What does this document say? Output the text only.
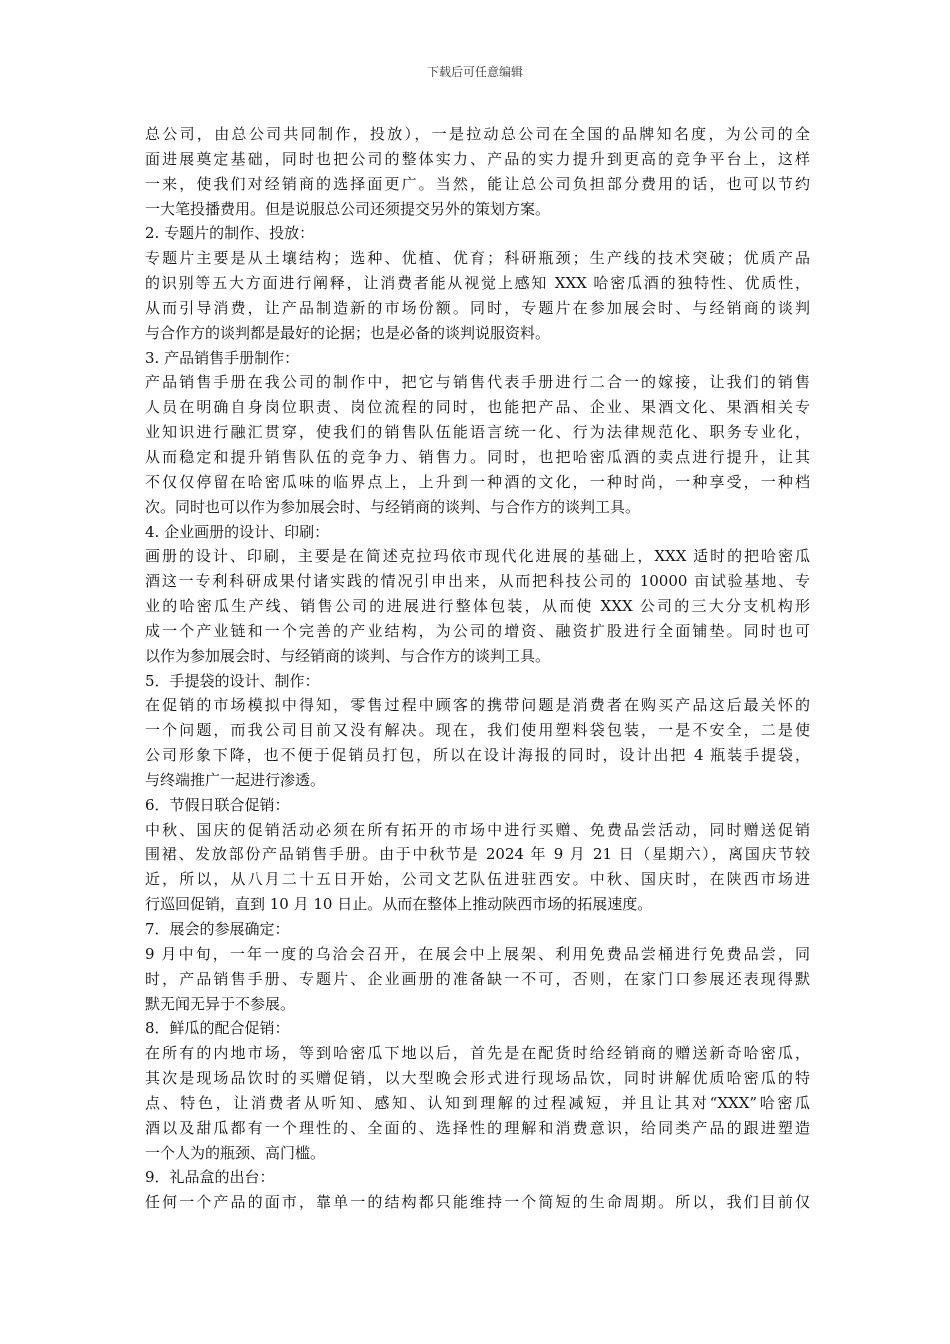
下载后可任意编辑
总公司，由总公司共同制作，投放），一是拉动总公司在全国的品牌知名度，为公司的全
面进展奠定基础，同时也把公司的整体实力、产品的实力提升到更高的竞争平台上，这样
一来，使我们对经销商的选择面更广。当然，能让总公司负担部分费用的话，也可以节约
一大笔投播费用。但是说服总公司还须提交另外的策划方案。
2. 专题片的制作、投放：
专题片主要是从土壤结构；选种、优植、优育；科研瓶颈；生产线的技术突破；优质产品
的识别等五大方面进行阐释，让消费者能从视觉上感知 XXX 哈密瓜酒的独特性、优质性，
从而引导消费，让产品制造新的市场份额。同时，专题片在参加展会时、与经销商的谈判
与合作方的谈判都是最好的论据；也是必备的谈判说服资料。
3. 产品销售手册制作：
产品销售手册在我公司的制作中，把它与销售代表手册进行二合一的嫁接，让我们的销售
人员在明确自身岗位职责、岗位流程的同时，也能把产品、企业、果酒文化、果酒相关专
业知识进行融汇贯穿，使我们的销售队伍能语言统一化、行为法律规范化、职务专业化，
从而稳定和提升销售队伍的竞争力、销售力。同时，也把哈密瓜酒的卖点进行提升，让其
不仅仅停留在哈密瓜味的临界点上，上升到一种酒的文化，一种时尚，一种享受，一种档
次。同时也可以作为参加展会时、与经销商的谈判、与合作方的谈判工具。
4. 企业画册的设计、印刷：
画册的设计、印刷，主要是在简述克拉玛依市现代化进展的基础上，XXX 适时的把哈密瓜
酒这一专利科研成果付诸实践的情况引申出来，从而把科技公司的 10000 亩试验基地、专
业的哈密瓜生产线、销售公司的进展进行整体包装，从而使 XXX 公司的三大分支机构形
成一个产业链和一个完善的产业结构，为公司的增资、融资扩股进行全面铺垫。同时也可
以作为参加展会时、与经销商的谈判、与合作方的谈判工具。
5．手提袋的设计、制作：
在促销的市场模拟中得知，零售过程中顾客的携带问题是消费者在购买产品这后最关怀的
一个问题，而我公司目前又没有解决。现在，我们使用塑料袋包装，一是不安全，二是使
公司形象下降，也不便于促销员打包，所以在设计海报的同时，设计出把 4 瓶装手提袋，
与终端推广一起进行渗透。
6．节假日联合促销：
中秋、国庆的促销活动必须在所有拓开的市场中进行买赠、免费品尝活动，同时赠送促销
围裙、发放部份产品销售手册。由于中秋节是 2024 年 9 月 21 日（星期六），离国庆节较
近，所以，从八月二十五日开始，公司文艺队伍进驻西安。中秋、国庆时，在陕西市场进
行巡回促销，直到 10 月 10 日止。从而在整体上推动陕西市场的拓展速度。
7．展会的参展确定：
9 月中旬，一年一度的乌洽会召开，在展会中上展架、利用免费品尝桶进行免费品尝，同
时，产品销售手册、专题片、企业画册的准备缺一不可，否则，在家门口参展还表现得默
默无闻无异于不参展。
8．鲜瓜的配合促销：
在所有的内地市场，等到哈密瓜下地以后，首先是在配货时给经销商的赠送新奇哈密瓜，
其次是现场品饮时的买赠促销，以大型晚会形式进行现场品饮，同时讲解优质哈密瓜的特
点、特色，让消费者从听知、感知、认知到理解的过程减短，并且让其对“XXX”哈密瓜
酒以及甜瓜都有一个理性的、全面的、选择性的理解和消费意识，给同类产品的跟进塑造
一个人为的瓶颈、高门槛。
9．礼品盒的出台：
任何一个产品的面市，靠单一的结构都只能维持一个简短的生命周期。所以，我们目前仅
